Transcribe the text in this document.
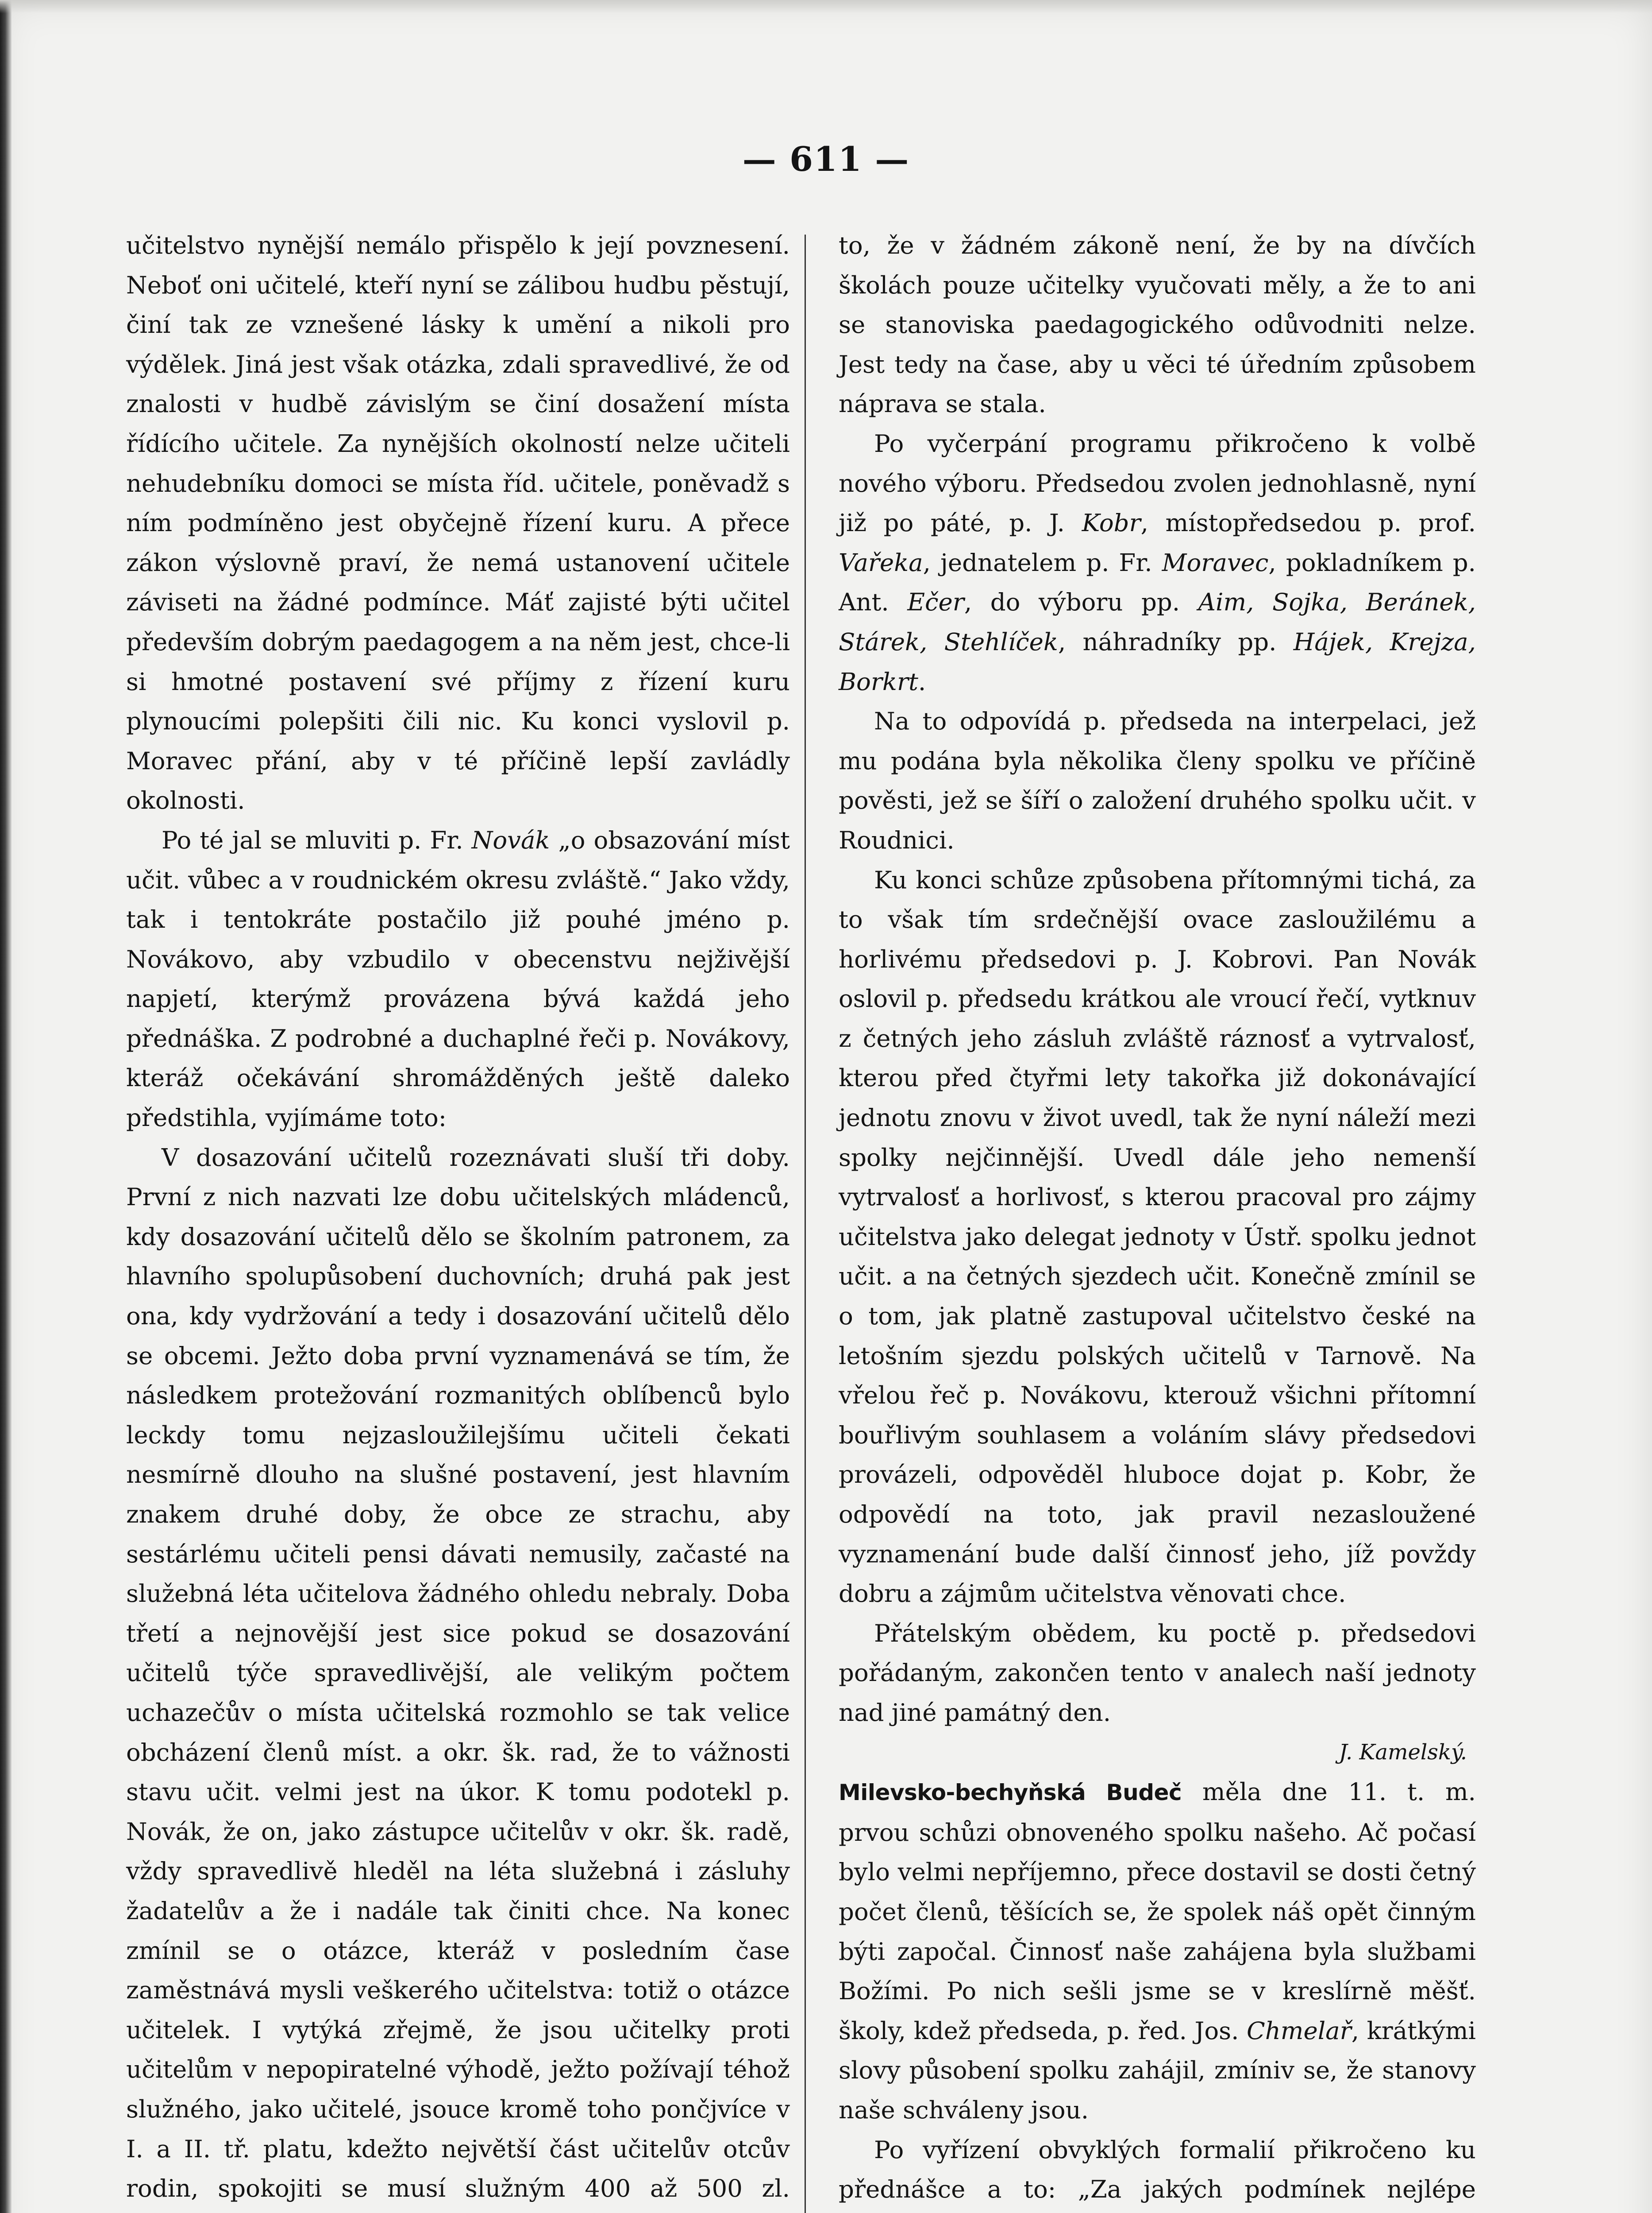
— 611 —

učitelstvo nynější nemálo přispělo k její povznesení. Neboť oni učitelé, kteří nyní se zálibou hudbu pěstují, činí tak ze vznešené lásky k umění a nikoli pro výdělek. Jiná jest však otázka, zdali spravedlivé, že od znalosti v hudbě závislým se činí dosažení místa řídícího učitele. Za nynějších okolností nelze učiteli nehudebníku domoci se místa říd. učitele, poněvadž s ním podmíněno jest obyčejně řízení kuru. A přece zákon výslovně praví, že nemá ustanovení učitele záviseti na žádné podmínce. Máť zajisté býti učitel především dobrým paedagogem a na něm jest, chce-li si hmotné postavení své příjmy z řízení kuru plynoucími polepšiti čili nic. Ku konci vyslovil p. Moravec přání, aby v té příčině lepší zavládly okolnosti.

Po té jal se mluviti p. Fr. Novák „o obsazování míst učit. vůbec a v roudnickém okresu zvláště.“ Jako vždy, tak i tentokráte postačilo již pouhé jméno p. Novákovo, aby vzbudilo v obecenstvu nejživější napjetí, kterýmž provázena bývá každá jeho přednáška. Z podrobné a duchaplné řeči p. Novákovy, kteráž očekávání shromážděných ještě daleko předstihla, vyjímáme toto:

V dosazování učitelů rozeznávati sluší tři doby. První z nich nazvati lze dobu učitelských mládenců, kdy dosazování učitelů dělo se školním patronem, za hlavního spolupůsobení duchovních; druhá pak jest ona, kdy vydržování a tedy i dosazování učitelů dělo se obcemi. Ježto doba první vyznamenává se tím, že následkem protežování rozmanitých oblíbenců bylo leckdy tomu nejzasloužilejšímu učiteli čekati nesmírně dlouho na slušné postavení, jest hlavním znakem druhé doby, že obce ze strachu, aby sestárlému učiteli pensi dávati nemusily, začasté na služebná léta učitelova žádného ohledu nebraly. Doba třetí a nejnovější jest sice pokud se dosazování učitelů týče spravedlivější, ale velikým počtem uchazečův o místa učitelská rozmohlo se tak velice obcházení členů míst. a okr. šk. rad, že to vážnosti stavu učit. velmi jest na úkor. K tomu podotekl p. Novák, že on, jako zástupce učitelův v okr. šk. radě, vždy spravedlivě hleděl na léta služebná i zásluhy žadatelův a že i nadále tak činiti chce. Na konec zmínil se o otázce, kteráž v posledním čase zaměstnává mysli veškerého učitelstva: totiž o otázce učitelek. I vytýká zřejmě, že jsou učitelky proti učitelům v nepopiratelné výhodě, ježto požívají téhož služného, jako učitelé, jsouce kromě toho pončjvíce v I. a II. tř. platu, kdežto největší část učitelův otcův rodin, spokojiti se musí služným 400 až 500 zl.

to, že v žádném zákoně není, že by na dívčích školách pouze učitelky vyučovati měly, a že to ani se stanoviska paedagogického odůvodniti nelze. Jest tedy na čase, aby u věci té úředním způsobem náprava se stala.

Po vyčerpání programu přikročeno k volbě nového výboru. Předsedou zvolen jednohlasně, nyní již po páté, p. J. Kobr, místopředsedou p. prof. Vařeka, jednatelem p. Fr. Moravec, pokladníkem p. Ant. Ečer, do výboru pp. Aim, Sojka, Beránek, Stárek, Stehlíček, náhradníky pp. Hájek, Krejza, Borkrt.

Na to odpovídá p. předseda na interpelaci, jež mu podána byla několika členy spolku ve příčině pověsti, jež se šíří o založení druhého spolku učit. v Roudnici.

Ku konci schůze způsobena přítomnými tichá, za to však tím srdečnější ovace zasloužilému a horlivému předsedovi p. J. Kobrovi. Pan Novák oslovil p. předsedu krátkou ale vroucí řečí, vytknuv z četných jeho zásluh zvláště ráznosť a vytrvalosť, kterou před čtyřmi lety takořka již dokonávající jednotu znovu v život uvedl, tak že nyní náleží mezi spolky nejčinnější. Uvedl dále jeho nemenší vytrvalosť a horlivosť, s kterou pracoval pro zájmy učitelstva jako delegat jednoty v Ústř. spolku jednot učit. a na četných sjezdech učit. Konečně zmínil se o tom, jak platně zastupoval učitelstvo české na letošním sjezdu polských učitelů v Tarnově. Na vřelou řeč p. Novákovu, kterouž všichni přítomní bouřlivým souhlasem a voláním slávy předsedovi provázeli, odpověděl hluboce dojat p. Kobr, že odpovědí na toto, jak pravil nezasloužené vyznamenání bude další činnosť jeho, jíž povždy dobru a zájmům učitelstva věnovati chce.

Přátelským obědem, ku poctě p. předsedovi pořádaným, zakončen tento v analech naší jednoty nad jiné památný den.

J. Kamelský.

Milevsko-bechyňská Budeč měla dne 11. t. m. prvou schůzi obnoveného spolku našeho. Ač počasí bylo velmi nepříjemno, přece dostavil se dosti četný počet členů, těšících se, že spolek náš opět činným býti započal. Činnosť naše zahájena byla službami Božími. Po nich sešli jsme se v kreslírně měšť. školy, kdež předseda, p. řed. Jos. Chmelař, krátkými slovy působení spolku zahájil, zmíniv se, že stanovy naše schváleny jsou.

Po vyřízení obvyklých formalií přikročeno ku přednášce a to: „Za jakých podmínek nejlépe
